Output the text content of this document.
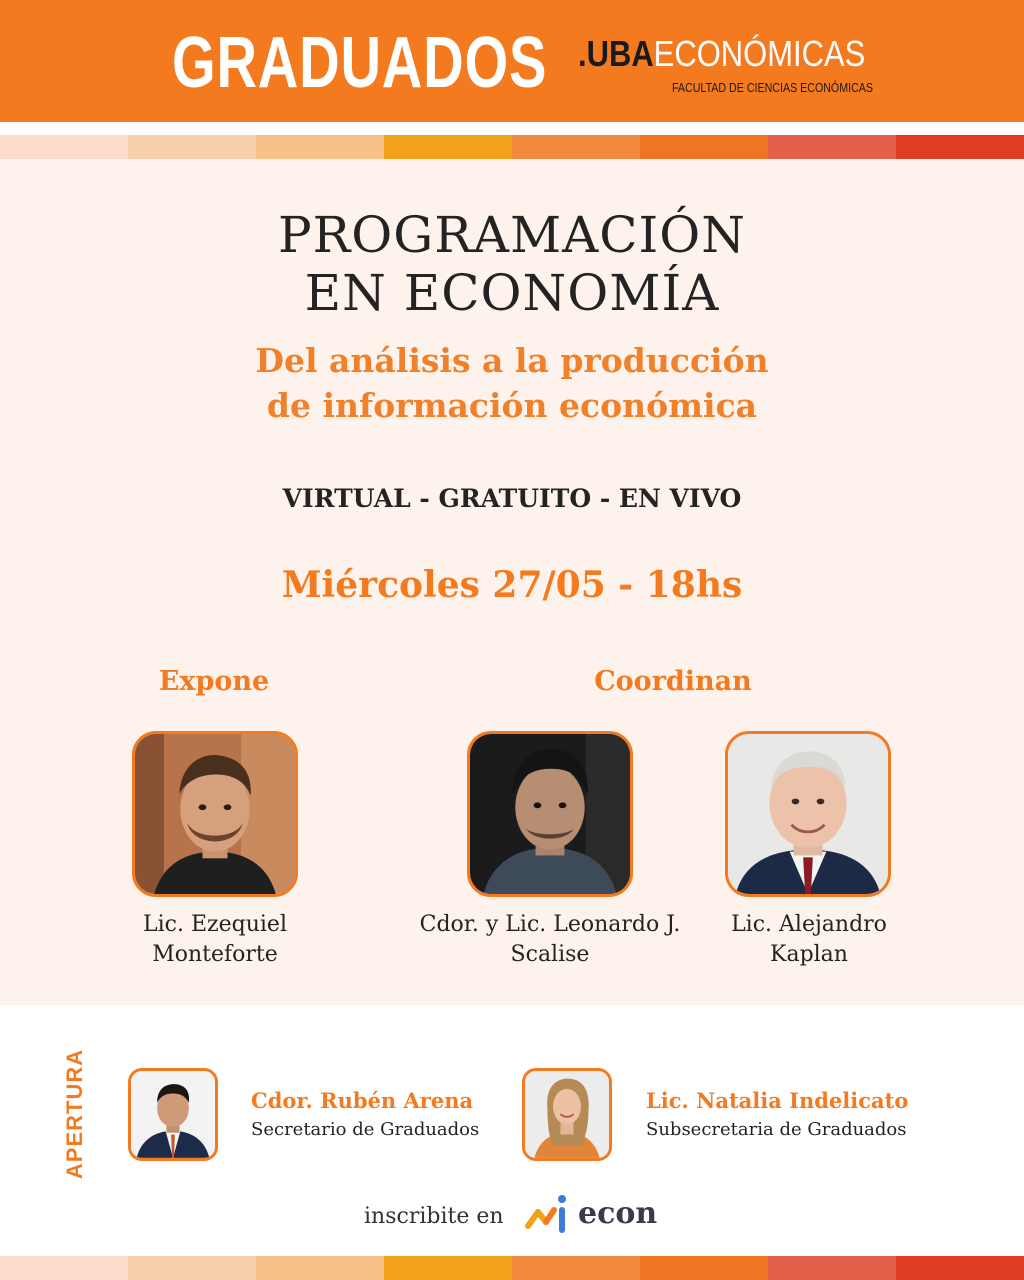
GRADUADOS .UBAECONÓMICAS
FACULTAD DE CIENCIAS ECONÓMICAS
PROGRAMACIÓN
EN ECONOMÍA
Del análisis a la producción
de información económica
VIRTUAL - GRATUITO - EN VIVO
Miércoles 27/05 - 18hs
Expone	Coordinan
Lic. Ezequiel
Monteforte
Cdor. y Lic. Leonardo J.
Scalise
Lic. Alejandro
Kaplan
APERTURA	Cdor. Rubén Arena
Secretario de Graduados
Lic. Natalia Indelicato
Subsecretaria de Graduados
inscribite en econ
